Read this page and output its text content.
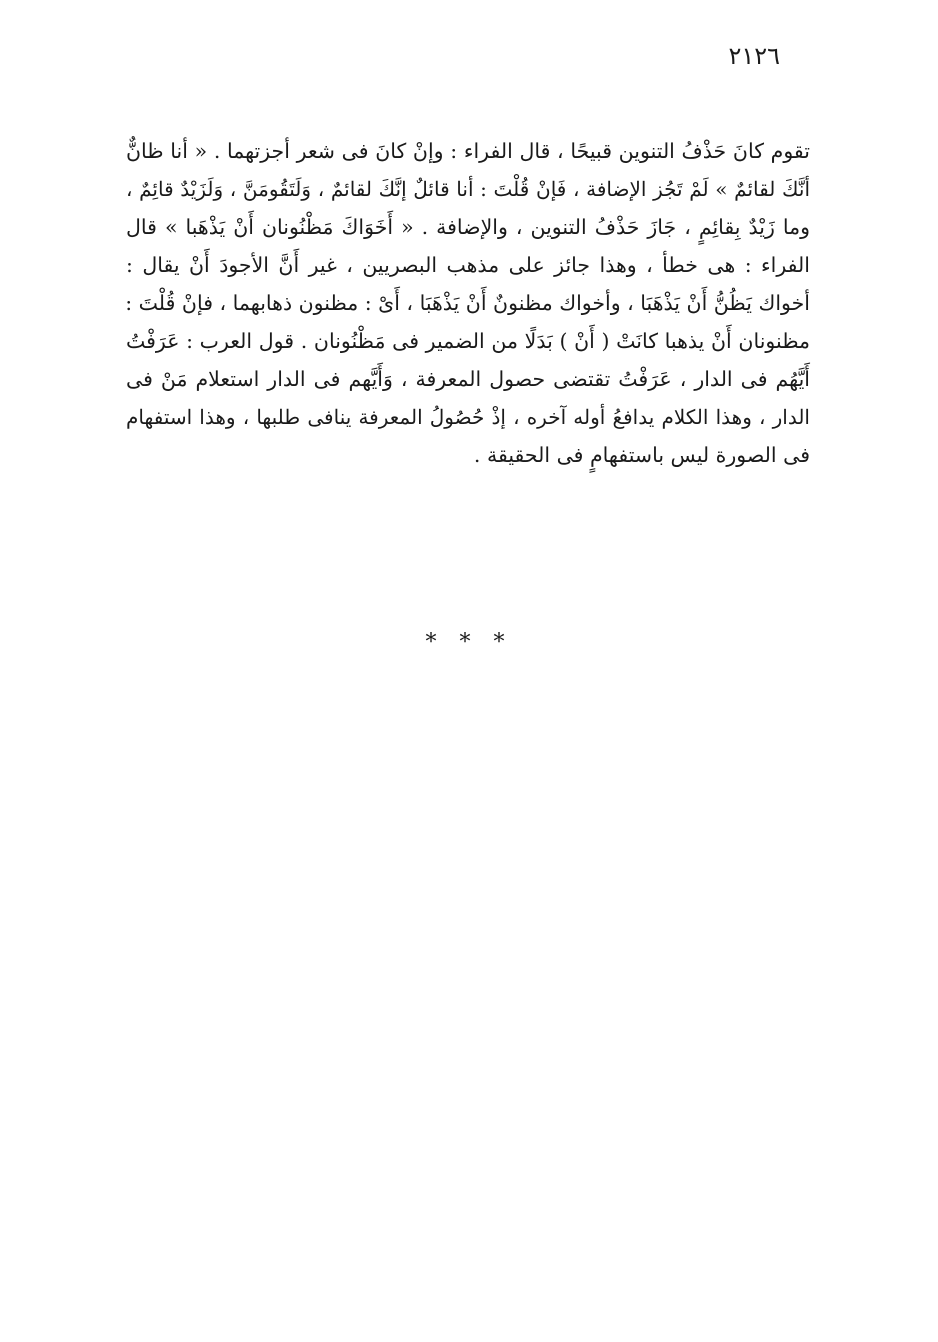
٢١٢٦
تقوم كانَ حَذْفُ التنوين قبيحًا ، قال الفراء : وإنْ كانَ فى شعر أجزتهما . « أنا ظانٌّ
أنَّكَ لقائمٌ » لَمْ تَجُز الإضافة ، فَإنْ قُلْتَ : أنا قائلٌ إنَّكَ لقائمٌ ، وَلَتَقُومَنَّ ، وَلَزَيْدٌ قائِمٌ ،
وما زَيْدٌ بِقائِمٍ ، جَازَ حَذْفُ التنوين ، والإضافة . « أَخَوَاكَ مَظْنُونان أَنْ يَذْهَبا » قال
الفراء : هى خطأ ، وهذا جائز على مذهب البصريين ، غير أَنَّ الأجودَ أَنْ يقال :
أخواك يَظُنُّ أَنْ يَذْهَبَا ، وأخواك مظنونٌ أَنْ يَذْهَبَا ، أَىْ : مظنون ذهابهما ، فإنْ قُلْتَ :
مظنونان أَنْ يذهبا كانَتْ ( أَنْ ) بَدَلًا من الضمير فى مَظْنُونان . قول العرب : عَرَفْتُ
أَيَّهُم فى الدار ، عَرَفْتُ تقتضى حصول المعرفة ، وَأَيَّهم فى الدار استعلام مَنْ فى
الدار ، وهذا الكلام يدافعُ أوله آخره ، إذْ حُصُولُ المعرفة ينافى طلبها ، وهذا استفهام
فى الصورة ليس باستفهامٍ فى الحقيقة .
* * *
